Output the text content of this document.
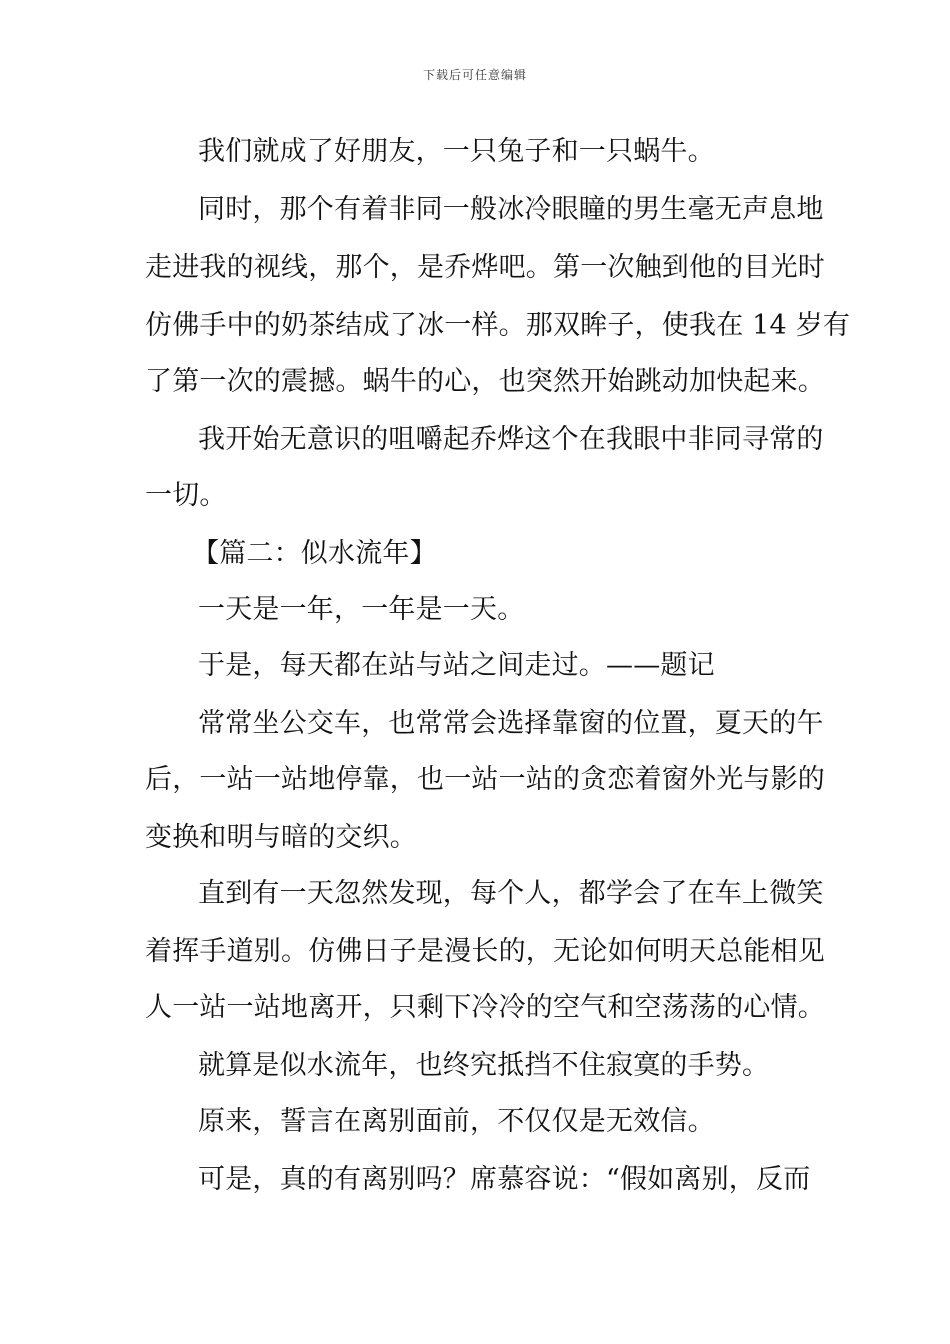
下载后可任意编辑
我们就成了好朋友，一只兔子和一只蜗牛。
同时，那个有着非同一般冰冷眼瞳的男生毫无声息地
走进我的视线，那个，是乔烨吧。第一次触到他的目光时
仿佛手中的奶茶结成了冰一样。那双眸子，使我在 14 岁有
了第一次的震撼。蜗牛的心，也突然开始跳动加快起来。
我开始无意识的咀嚼起乔烨这个在我眼中非同寻常的
一切。
【篇二：似水流年】
一天是一年，一年是一天。
于是，每天都在站与站之间走过。——题记
常常坐公交车，也常常会选择靠窗的位置，夏天的午
后，一站一站地停靠，也一站一站的贪恋着窗外光与影的
变换和明与暗的交织。
直到有一天忽然发现，每个人，都学会了在车上微笑
着挥手道别。仿佛日子是漫长的，无论如何明天总能相见
人一站一站地离开，只剩下冷冷的空气和空荡荡的心情。
就算是似水流年，也终究抵挡不住寂寞的手势。
原来，誓言在离别面前，不仅仅是无效信。
可是，真的有离别吗？席慕容说：“假如离别，反而
